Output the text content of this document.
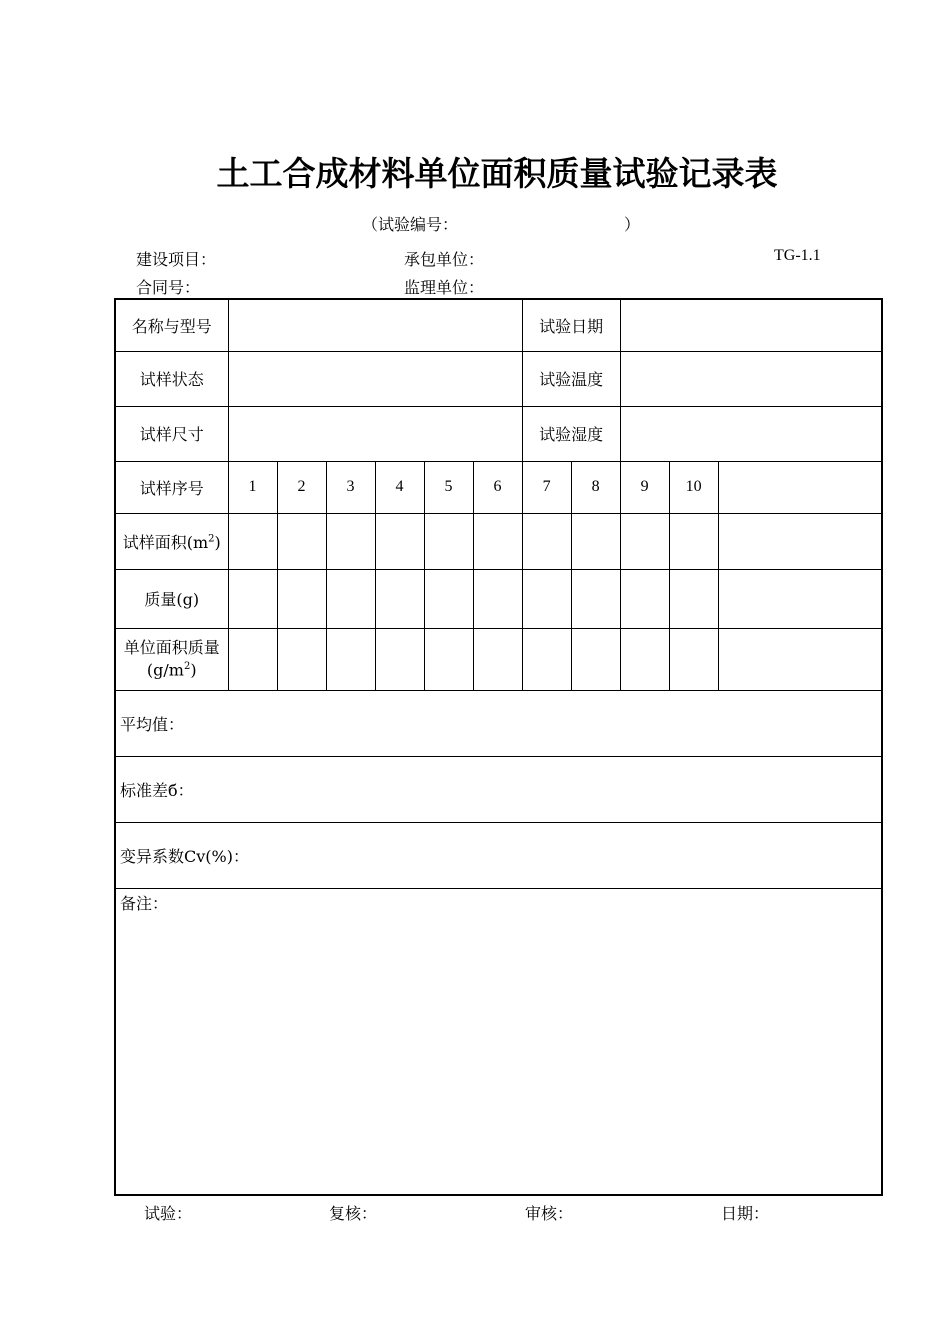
土工合成材料单位面积质量试验记录表
（试验编号：	）
建设项目：	承包单位：	TG-1.1
合同号：	监理单位：
名称与型号							试验日期				
试样状态							试验温度				
试样尺寸							试验湿度				
试样序号	1	2	3	4	5	6	7	8	9	10	
试样面积$(m^2)$											
质量(g)											
单位面积质量
$(g/m^2)$											
平均值：											
标准差б：											
变异系数Cv(%)：											
备注：											
试验：	复核：	审核：	日期：
